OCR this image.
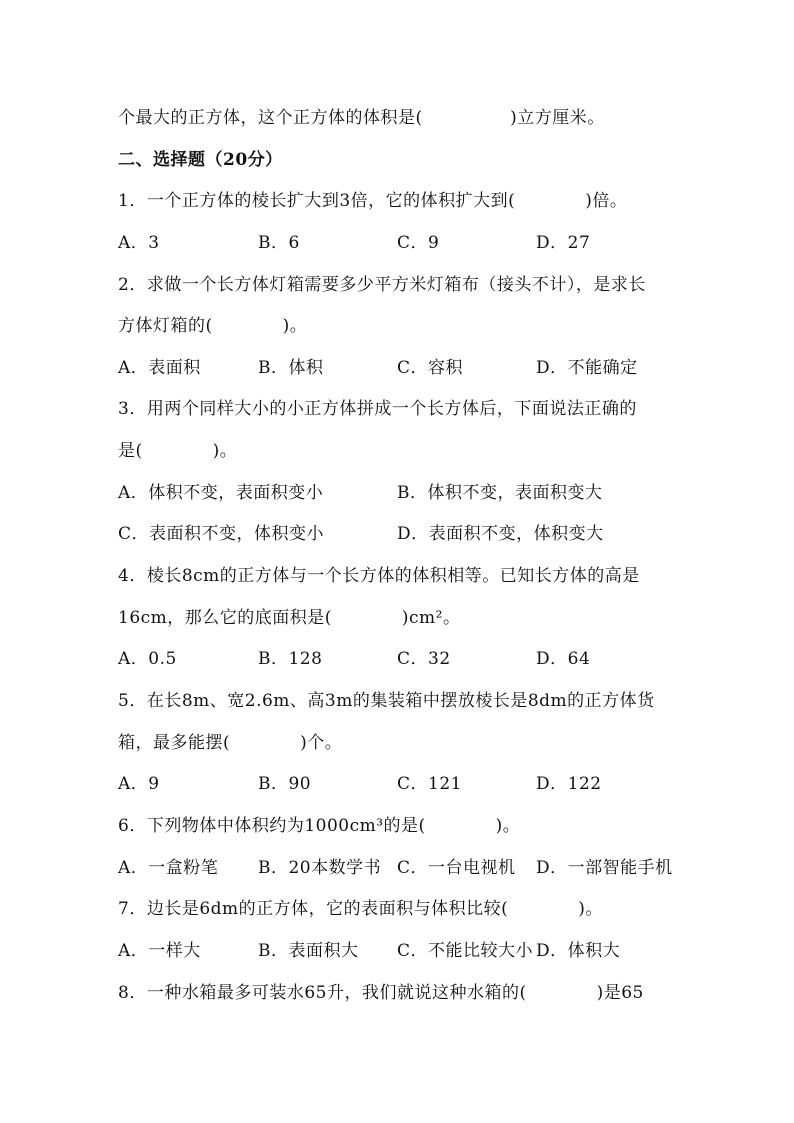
个最大的正方体，这个正方体的体积是(　　　　　)立方厘米。
二、选择题（20分）
1．一个正方体的棱长扩大到3倍，它的体积扩大到(　　　　)倍。
A．3	B．6	C．9	D．27
2．求做一个长方体灯箱需要多少平方米灯箱布（接头不计），是求长
方体灯箱的(　　　　)。
A．表面积	B．体积	C．容积	D．不能确定
3．用两个同样大小的小正方体拼成一个长方体后，下面说法正确的
是(　　　　)。
A．体积不变，表面积变小	B．体积不变，表面积变大
C．表面积不变，体积变小	D．表面积不变，体积变大
4．棱长8cm的正方体与一个长方体的体积相等。已知长方体的高是
16cm，那么它的底面积是(　　　　)cm²。
A．0.5	B．128	C．32	D．64
5．在长8m、宽2.6m、高3m的集装箱中摆放棱长是8dm的正方体货
箱，最多能摆(　　　　)个。
A．9	B．90	C．121	D．122
6．下列物体中体积约为1000cm³的是(　　　　)。
A．一盒粉笔 B．20本数学书 C．一台电视机 D．一部智能手机
7．边长是6dm的正方体，它的表面积与体积比较(　　　　)。
A．一样大	B．表面积大 C．不能比较大小 D．体积大
8．一种水箱最多可装水65升，我们就说这种水箱的(　　　　)是65
